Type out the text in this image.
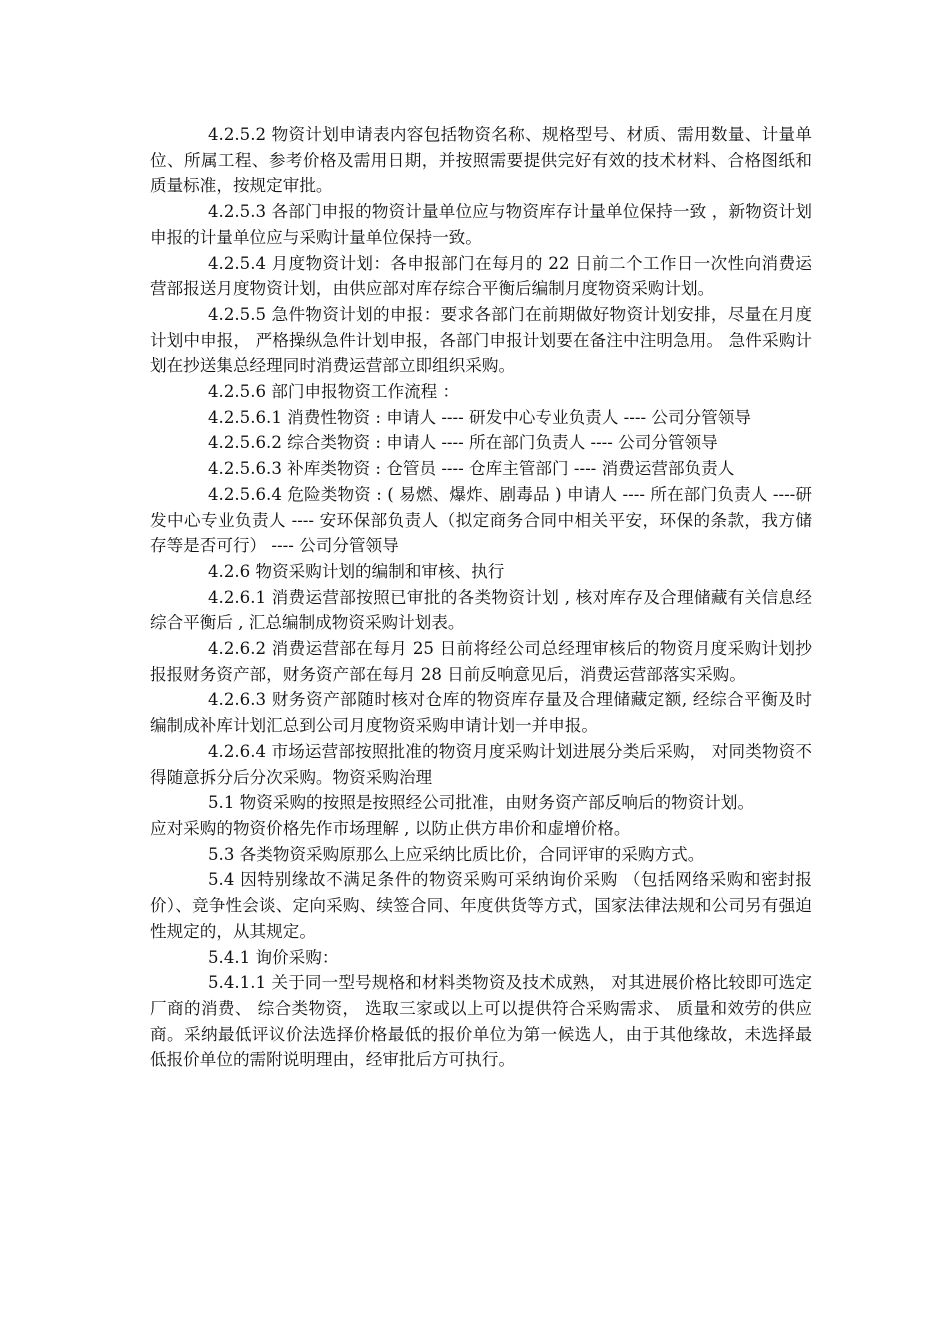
4.2.5.2 物资计划申请表内容包括物资名称、规格型号、材质、需用数量、计量单位、所属工程、参考价格及需用日期，并按照需要提供完好有效的技术材料、合格图纸和质量标准，按规定审批。

4.2.5.3 各部门申报的物资计量单位应与物资库存计量单位保持一致 ，新物资计划申报的计量单位应与采购计量单位保持一致。

4.2.5.4 月度物资计划：各申报部门在每月的 22 日前二个工作日一次性向消费运营部报送月度物资计划，由供应部对库存综合平衡后编制月度物资采购计划。

4.2.5.5 急件物资计划的申报：要求各部门在前期做好物资计划安排，尽量在月度计划中申报， 严格操纵急件计划申报，各部门申报计划要在备注中注明急用。 急件采购计划在抄送集总经理同时消费运营部立即组织采购。

4.2.5.6 部门申报物资工作流程 ：

4.2.5.6.1 消费性物资 : 申请人 ---- 研发中心专业负责人 ---- 公司分管领导

4.2.5.6.2 综合类物资 : 申请人 ---- 所在部门负责人 ---- 公司分管领导

4.2.5.6.3 补库类物资 : 仓管员 ---- 仓库主管部门 ---- 消费运营部负责人

4.2.5.6.4 危险类物资 : ( 易燃、爆炸、剧毒品 ) 申请人 ---- 所在部门负责人 ----研发中心专业负责人 ---- 安环保部负责人（拟定商务合同中相关平安，环保的条款，我方储存等是否可行） ---- 公司分管领导

4.2.6 物资采购计划的编制和审核、执行

4.2.6.1 消费运营部按照已审批的各类物资计划 , 核对库存及合理储藏有关信息经综合平衡后 , 汇总编制成物资采购计划表。

4.2.6.2 消费运营部在每月 25 日前将经公司总经理审核后的物资月度采购计划抄报报财务资产部，财务资产部在每月 28 日前反响意见后，消费运营部落实采购。

4.2.6.3 财务资产部随时核对仓库的物资库存量及合理储藏定额, 经综合平衡及时编制成补库计划汇总到公司月度物资采购申请计划一并申报。

4.2.6.4 市场运营部按照批准的物资月度采购计划进展分类后采购， 对同类物资不得随意拆分后分次采购。物资采购治理

5.1 物资采购的按照是按照经公司批准，由财务资产部反响后的物资计划。

应对采购的物资价格先作市场理解 , 以防止供方串价和虚增价格。

5.3 各类物资采购原那么上应采纳比质比价，合同评审的采购方式。

5.4 因特别缘故不满足条件的物资采购可采纳询价采购 （包括网络采购和密封报价）、竞争性会谈、定向采购、续签合同、年度供货等方式，国家法律法规和公司另有强迫性规定的，从其规定。

5.4.1 询价采购：

5.4.1.1 关于同一型号规格和材料类物资及技术成熟， 对其进展价格比较即可选定厂商的消费、 综合类物资， 选取三家或以上可以提供符合采购需求、 质量和效劳的供应商。采纳最低评议价法选择价格最低的报价单位为第一候选人，由于其他缘故，未选择最低报价单位的需附说明理由，经审批后方可执行。
